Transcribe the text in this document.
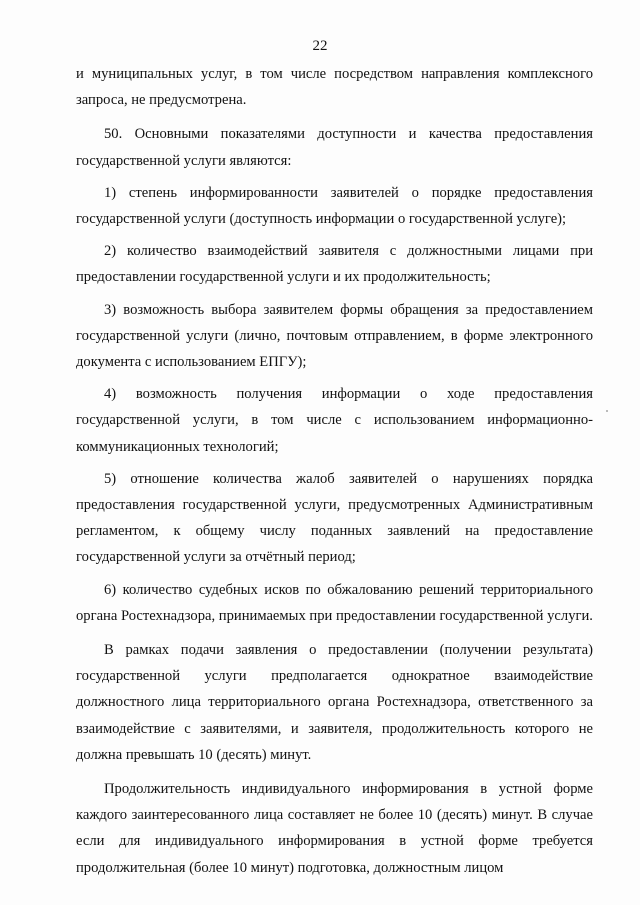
22

и муниципальных услуг, в том числе посредством направления комплексного запроса, не предусмотрена.

50. Основными показателями доступности и качества предоставления государственной услуги являются:

1) степень информированности заявителей о порядке предоставления государственной услуги (доступность информации о государственной услуге);

2) количество взаимодействий заявителя с должностными лицами при предоставлении государственной услуги и их продолжительность;

3) возможность выбора заявителем формы обращения за предоставлением государственной услуги (лично, почтовым отправлением, в форме электронного документа с использованием ЕПГУ);

4) возможность получения информации о ходе предоставления государственной услуги, в том числе с использованием информационно-коммуникационных технологий;

5) отношение количества жалоб заявителей о нарушениях порядка предоставления государственной услуги, предусмотренных Административным регламентом, к общему числу поданных заявлений на предоставление государственной услуги за отчётный период;

6) количество судебных исков по обжалованию решений территориального органа Ростехнадзора, принимаемых при предоставлении государственной услуги.

В рамках подачи заявления о предоставлении (получении результата) государственной услуги предполагается однократное взаимодействие должностного лица территориального органа Ростехнадзора, ответственного за взаимодействие с заявителями, и заявителя, продолжительность которого не должна превышать 10 (десять) минут.

Продолжительность индивидуального информирования в устной форме каждого заинтересованного лица составляет не более 10 (десять) минут. В случае если для индивидуального информирования в устной форме требуется продолжительная (более 10 минут) подготовка, должностным лицом
